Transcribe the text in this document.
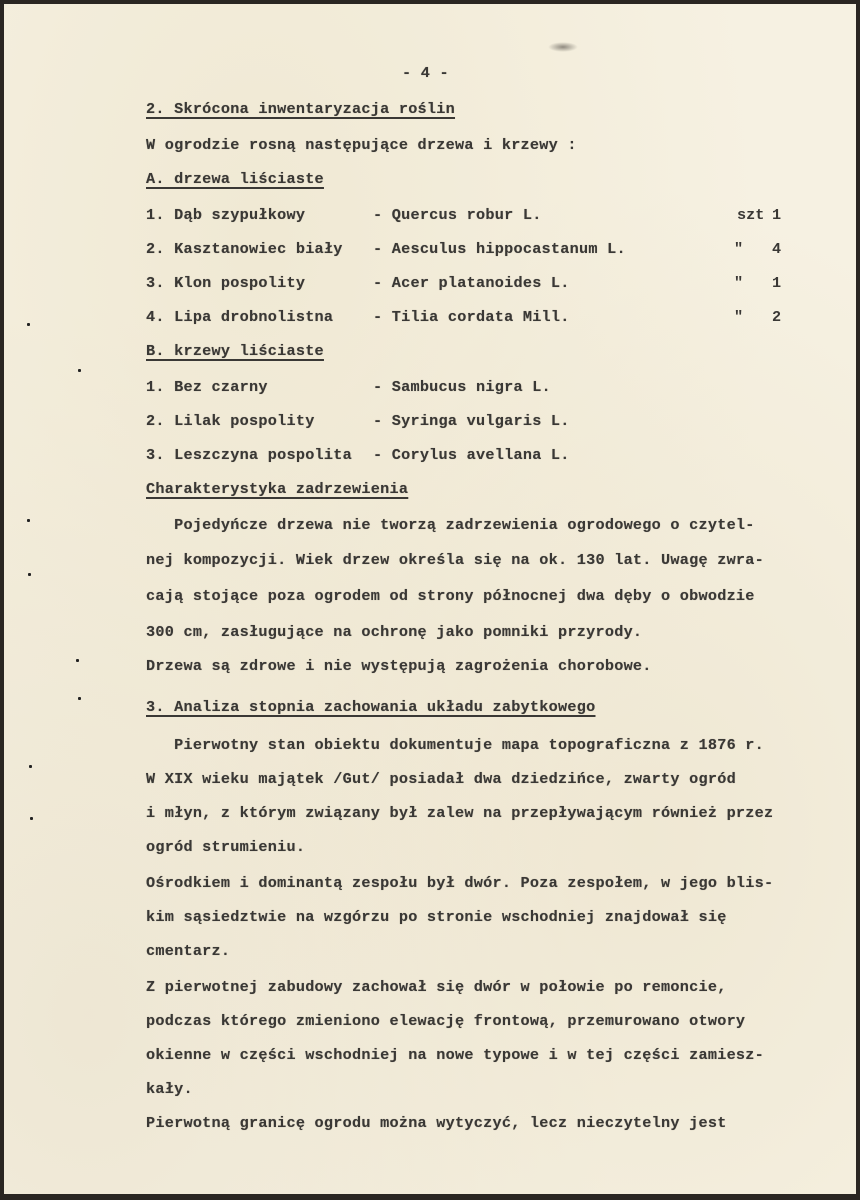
- 4 -
2. Skrócona inwentaryzacja roślin
W ogrodzie rosną następujące drzewa i krzewy :
A. drzewa liściaste
1. Dąb szypułkowy	- Quercus robur L.	szt 1
2. Kasztanowiec biały - Aesculus hippocastanum L.	" 4
3. Klon pospolity	- Acer platanoides L.	" 1
4. Lipa drobnolistna	- Tilia cordata Mill.	" 2
B. krzewy liściaste
1. Bez czarny	- Sambucus nigra L.
2. Lilak pospolity	- Syringa vulgaris L.
3. Leszczyna pospolita - Corylus avellana L.
Charakterystyka zadrzewienia
Pojedyńcze drzewa nie tworzą zadrzewienia ogrodowego o czytel-
nej kompozycji. Wiek drzew określa się na ok. 130 lat. Uwagę zwra-
cają stojące poza ogrodem od strony północnej dwa dęby o obwodzie
300 cm, zasługujące na ochronę jako pomniki przyrody.
Drzewa są zdrowe i nie występują zagrożenia chorobowe.
3. Analiza stopnia zachowania układu zabytkowego
Pierwotny stan obiektu dokumentuje mapa topograficzna z 1876 r.
W XIX wieku majątek /Gut/ posiadał dwa dziedzińce, zwarty ogród
i młyn, z którym związany był zalew na przepływającym również przez
ogród strumieniu.
Ośrodkiem i dominantą zespołu był dwór. Poza zespołem, w jego blis-
kim sąsiedztwie na wzgórzu po stronie wschodniej znajdował się
cmentarz.
Z pierwotnej zabudowy zachował się dwór w połowie po remoncie,
podczas którego zmieniono elewację frontową, przemurowano otwory
okienne w części wschodniej na nowe typowe i w tej części zamiesz-
kały.
Pierwotną granicę ogrodu można wytyczyć, lecz nieczytelny jest
